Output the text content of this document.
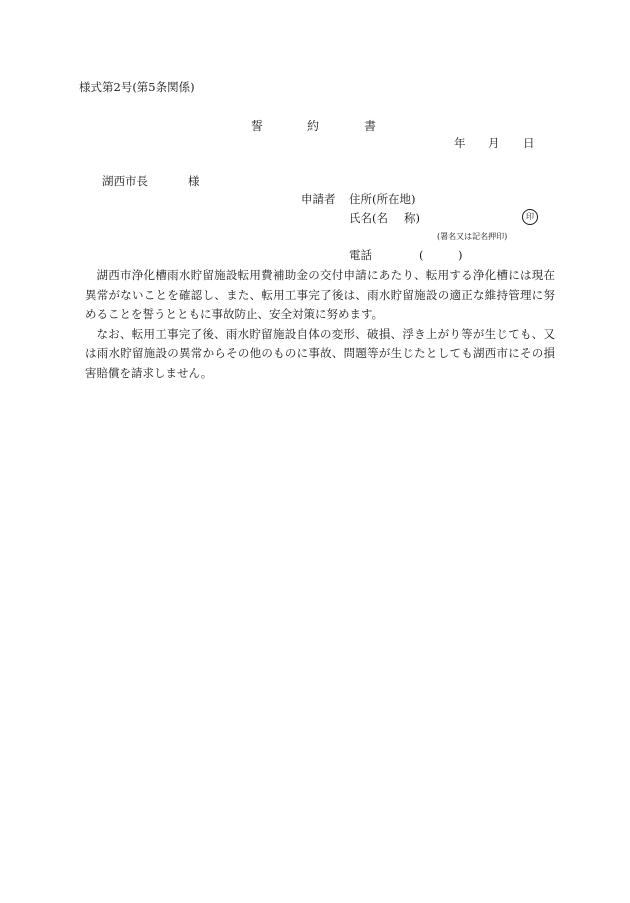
様式第2号(第5条関係)
誓	約	書
年 月 日
湖西市長	様
申請者 住所(所在地)
氏名(名 称)	印
(署名又は記名押印)
電話	(	)

湖西市浄化槽雨水貯留施設転用費補助金の交付申請にあたり、転用する浄化槽には現在異常がないことを確認し、また、転用工事完了後は、雨水貯留施設の適正な維持管理に努めることを誓うとともに事故防止、安全対策に努めます。

なお、転用工事完了後、雨水貯留施設自体の変形、破損、浮き上がり等が生じても、又は雨水貯留施設の異常からその他のものに事故、問題等が生じたとしても湖西市にその損害賠償を請求しません。
